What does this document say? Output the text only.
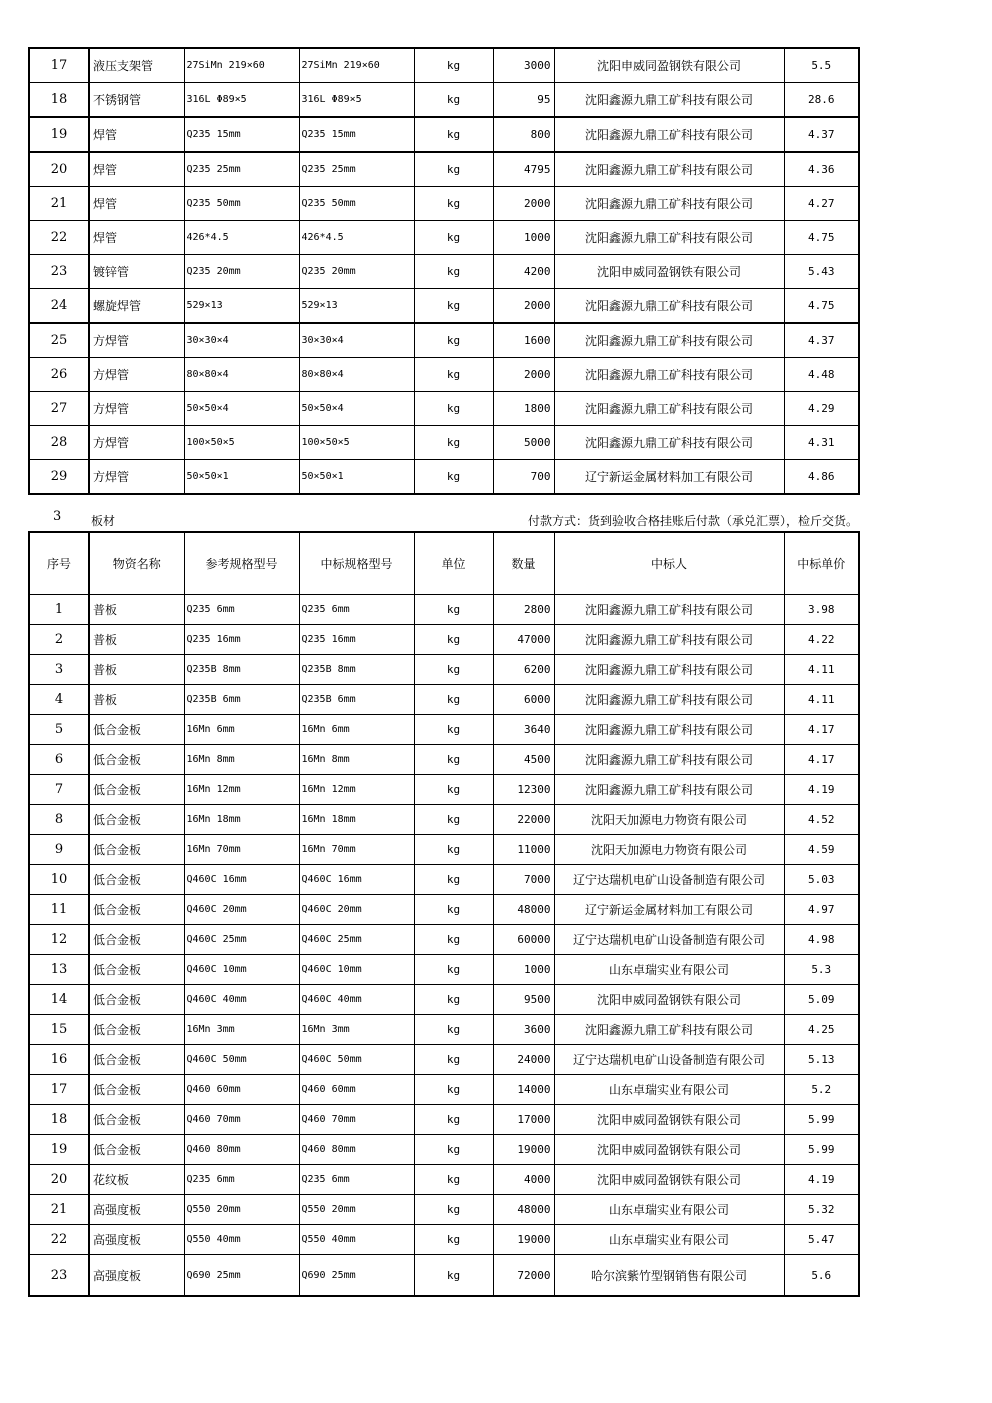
17	液压支架管	27SiMn 219×60	27SiMn 219×60	kg	3000	沈阳申威同盈钢铁有限公司	5.5
18	不锈钢管	316L Φ89×5	316L Φ89×5	kg	95	沈阳鑫源九鼎工矿科技有限公司	28.6
19	焊管	Q235 15mm	Q235 15mm	kg	800	沈阳鑫源九鼎工矿科技有限公司	4.37
20	焊管	Q235 25mm	Q235 25mm	kg	4795	沈阳鑫源九鼎工矿科技有限公司	4.36
21	焊管	Q235 50mm	Q235 50mm	kg	2000	沈阳鑫源九鼎工矿科技有限公司	4.27
22	焊管	426*4.5	426*4.5	kg	1000	沈阳鑫源九鼎工矿科技有限公司	4.75
23	镀锌管	Q235 20mm	Q235 20mm	kg	4200	沈阳申威同盈钢铁有限公司	5.43
24	螺旋焊管	529×13	529×13	kg	2000	沈阳鑫源九鼎工矿科技有限公司	4.75
25	方焊管	30×30×4	30×30×4	kg	1600	沈阳鑫源九鼎工矿科技有限公司	4.37
26	方焊管	80×80×4	80×80×4	kg	2000	沈阳鑫源九鼎工矿科技有限公司	4.48
27	方焊管	50×50×4	50×50×4	kg	1800	沈阳鑫源九鼎工矿科技有限公司	4.29
28	方焊管	100×50×5	100×50×5	kg	5000	沈阳鑫源九鼎工矿科技有限公司	4.31
29	方焊管	50×50×1	50×50×1	kg	700	辽宁新运金属材料加工有限公司	4.86
3 板材	付款方式：货到验收合格挂账后付款（承兑汇票），检斤交货。
序号	物资名称	参考规格型号	中标规格型号	单位	数量	中标人	中标单价
1	普板	Q235 6mm	Q235 6mm	kg	2800	沈阳鑫源九鼎工矿科技有限公司	3.98
2	普板	Q235 16mm	Q235 16mm	kg	47000	沈阳鑫源九鼎工矿科技有限公司	4.22
3	普板	Q235B 8mm	Q235B 8mm	kg	6200	沈阳鑫源九鼎工矿科技有限公司	4.11
4	普板	Q235B 6mm	Q235B 6mm	kg	6000	沈阳鑫源九鼎工矿科技有限公司	4.11
5	低合金板	16Mn 6mm	16Mn 6mm	kg	3640	沈阳鑫源九鼎工矿科技有限公司	4.17
6	低合金板	16Mn 8mm	16Mn 8mm	kg	4500	沈阳鑫源九鼎工矿科技有限公司	4.17
7	低合金板	16Mn 12mm	16Mn 12mm	kg	12300	沈阳鑫源九鼎工矿科技有限公司	4.19
8	低合金板	16Mn 18mm	16Mn 18mm	kg	22000	沈阳天加源电力物资有限公司	4.52
9	低合金板	16Mn 70mm	16Mn 70mm	kg	11000	沈阳天加源电力物资有限公司	4.59
10	低合金板	Q460C 16mm	Q460C 16mm	kg	7000	辽宁达瑞机电矿山设备制造有限公司	5.03
11	低合金板	Q460C 20mm	Q460C 20mm	kg	48000	辽宁新运金属材料加工有限公司	4.97
12	低合金板	Q460C 25mm	Q460C 25mm	kg	60000	辽宁达瑞机电矿山设备制造有限公司	4.98
13	低合金板	Q460C 10mm	Q460C 10mm	kg	1000	山东卓瑞实业有限公司	5.3
14	低合金板	Q460C 40mm	Q460C 40mm	kg	9500	沈阳申威同盈钢铁有限公司	5.09
15	低合金板	16Mn 3mm	16Mn 3mm	kg	3600	沈阳鑫源九鼎工矿科技有限公司	4.25
16	低合金板	Q460C 50mm	Q460C 50mm	kg	24000	辽宁达瑞机电矿山设备制造有限公司	5.13
17	低合金板	Q460 60mm	Q460 60mm	kg	14000	山东卓瑞实业有限公司	5.2
18	低合金板	Q460 70mm	Q460 70mm	kg	17000	沈阳申威同盈钢铁有限公司	5.99
19	低合金板	Q460 80mm	Q460 80mm	kg	19000	沈阳申威同盈钢铁有限公司	5.99
20	花纹板	Q235 6mm	Q235 6mm	kg	4000	沈阳申威同盈钢铁有限公司	4.19
21	高强度板	Q550 20mm	Q550 20mm	kg	48000	山东卓瑞实业有限公司	5.32
22	高强度板	Q550 40mm	Q550 40mm	kg	19000	山东卓瑞实业有限公司	5.47
23	高强度板	Q690 25mm	Q690 25mm	kg	72000	哈尔滨紫竹型钢销售有限公司	5.6
